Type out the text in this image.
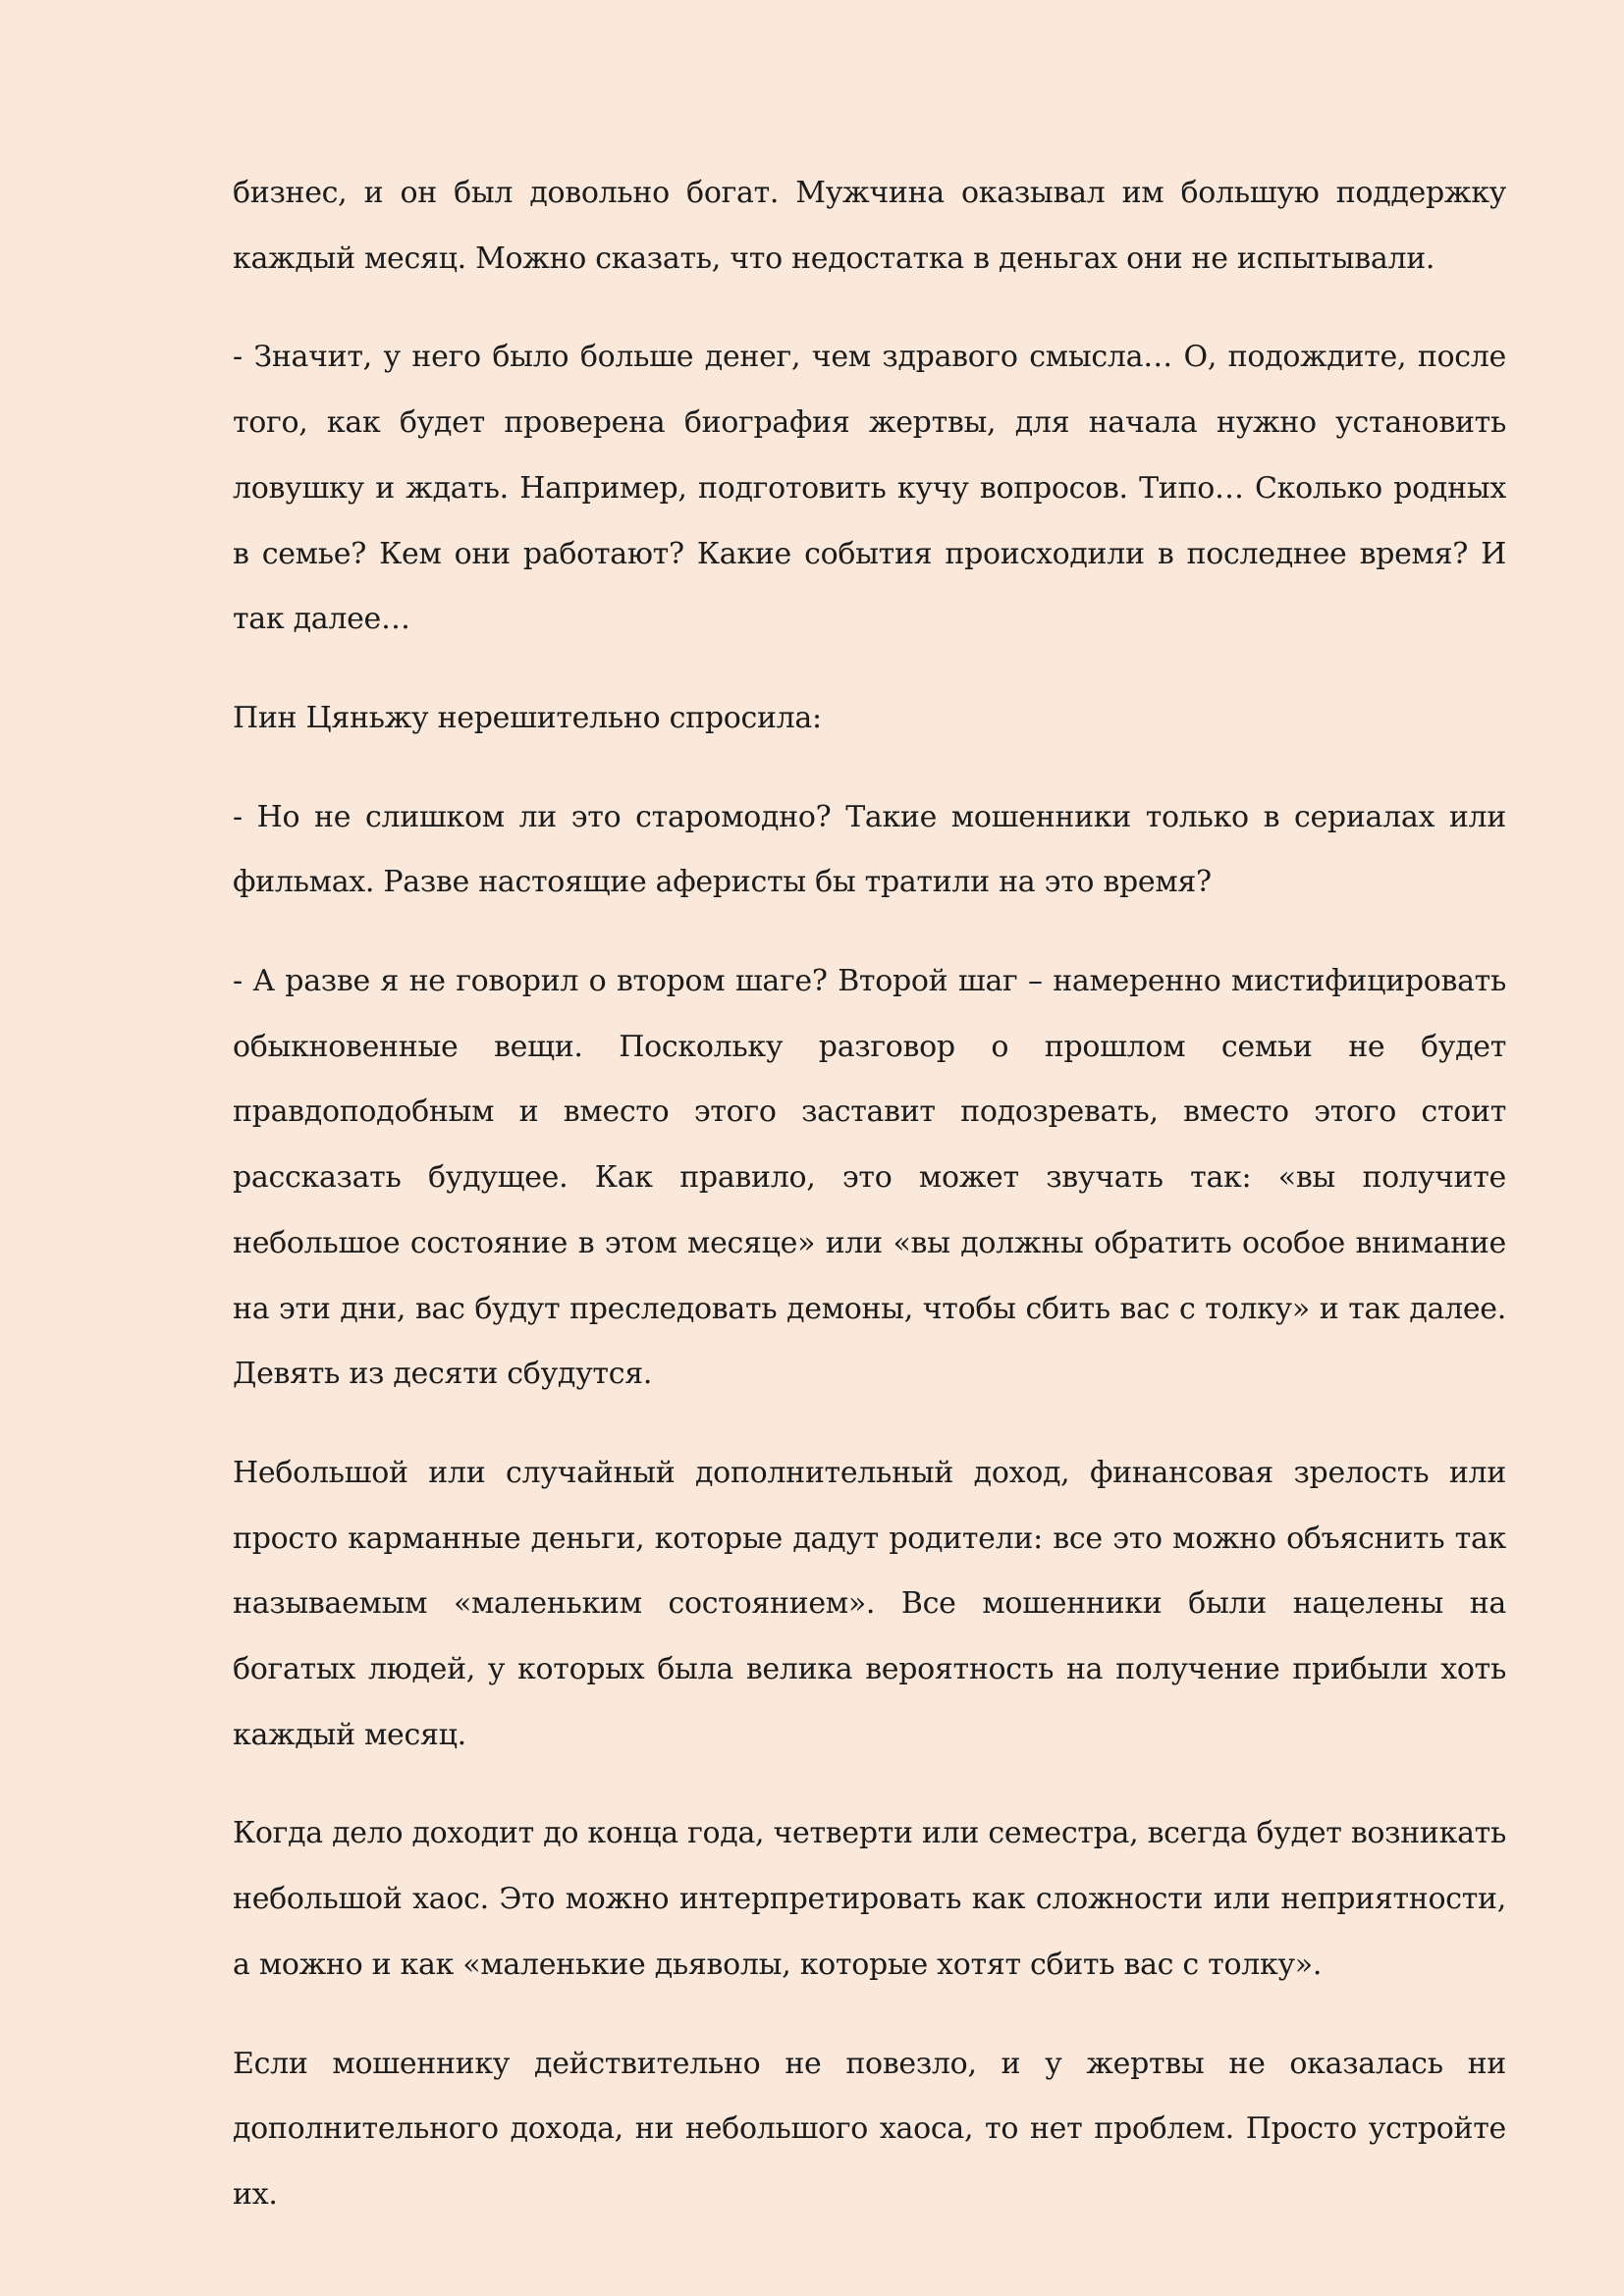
бизнес, и он был довольно богат. Мужчина оказывал им большую поддержку каждый месяц. Можно сказать, что недостатка в деньгах они не испытывали.

- Значит, у него было больше денег, чем здравого смысла… О, подождите, после того, как будет проверена биография жертвы, для начала нужно установить ловушку и ждать. Например, подготовить кучу вопросов. Типо… Сколько родных в семье? Кем они работают? Какие события происходили в последнее время? И так далее…

Пин Цяньжу нерешительно спросила:

- Но не слишком ли это старомодно? Такие мошенники только в сериалах или фильмах. Разве настоящие аферисты бы тратили на это время?

- А разве я не говорил о втором шаге? Второй шаг – намеренно мистифицировать обыкновенные вещи. Поскольку разговор о прошлом семьи не будет правдоподобным и вместо этого заставит подозревать, вместо этого стоит рассказать будущее. Как правило, это может звучать так: «вы получите небольшое состояние в этом месяце» или «вы должны обратить особое внимание на эти дни, вас будут преследовать демоны, чтобы сбить вас с толку» и так далее. Девять из десяти сбудутся.

Небольшой или случайный дополнительный доход, финансовая зрелость или просто карманные деньги, которые дадут родители: все это можно объяснить так называемым «маленьким состоянием». Все мошенники были нацелены на богатых людей, у которых была велика вероятность на получение прибыли хоть каждый месяц.

Когда дело доходит до конца года, четверти или семестра, всегда будет возникать небольшой хаос. Это можно интерпретировать как сложности или неприятности, а можно и как «маленькие дьяволы, которые хотят сбить вас с толку».

Если мошеннику действительно не повезло, и у жертвы не оказалась ни дополнительного дохода, ни небольшого хаоса, то нет проблем. Просто устройте их.
